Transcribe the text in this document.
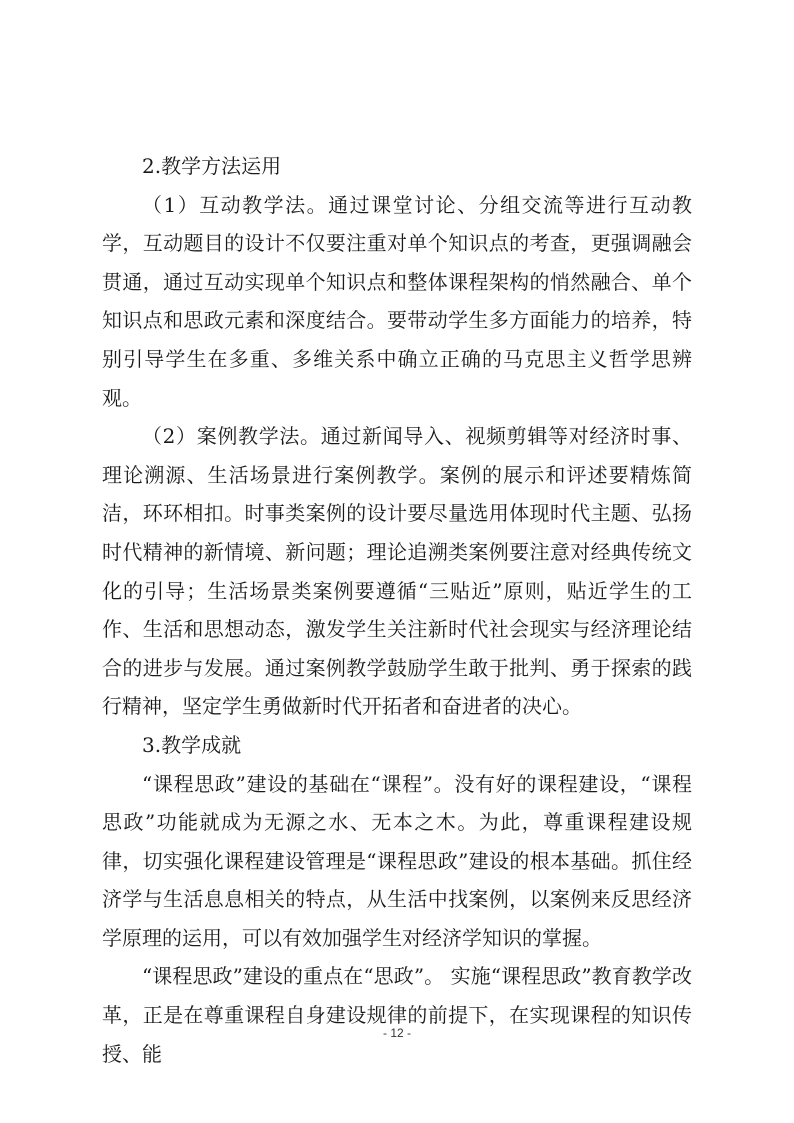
2.教学方法运用

（1）互动教学法。通过课堂讨论、分组交流等进行互动教学，互动题目的设计不仅要注重对单个知识点的考查，更强调融会贯通，通过互动实现单个知识点和整体课程架构的悄然融合、单个知识点和思政元素和深度结合。要带动学生多方面能力的培养，特别引导学生在多重、多维关系中确立正确的马克思主义哲学思辨观。

（2）案例教学法。通过新闻导入、视频剪辑等对经济时事、理论溯源、生活场景进行案例教学。案例的展示和评述要精炼简洁，环环相扣。时事类案例的设计要尽量选用体现时代主题、弘扬时代精神的新情境、新问题；理论追溯类案例要注意对经典传统文化的引导；生活场景类案例要遵循“三贴近”原则，贴近学生的工作、生活和思想动态，激发学生关注新时代社会现实与经济理论结合的进步与发展。通过案例教学鼓励学生敢于批判、勇于探索的践行精神，坚定学生勇做新时代开拓者和奋进者的决心。

3.教学成就

“课程思政”建设的基础在“课程”。没有好的课程建设，“课程思政”功能就成为无源之水、无本之木。为此，尊重课程建设规律，切实强化课程建设管理是“课程思政”建设的根本基础。抓住经济学与生活息息相关的特点，从生活中找案例，以案例来反思经济学原理的运用，可以有效加强学生对经济学知识的掌握。

“课程思政”建设的重点在“思政”。 实施“课程思政”教育教学改革，正是在尊重课程自身建设规律的前提下，在实现课程的知识传授、能

- 12 -
